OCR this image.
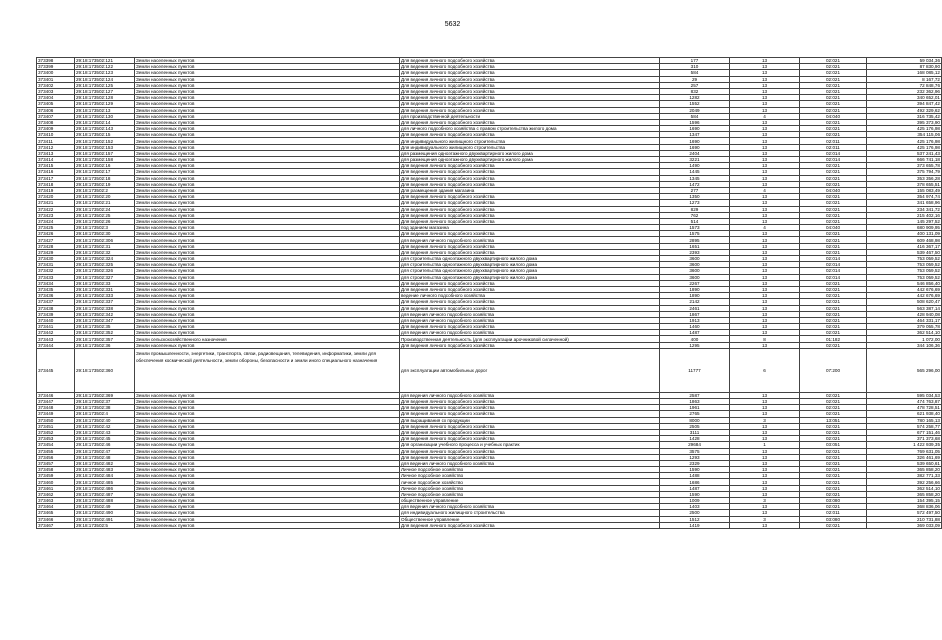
5632
373398	29:18:173502:121	Земли населенных пунктов	Для ведения личного подсобного хозяйства	177	13	02:021	59 034,36
373399	29:18:173502:122	Земли населенных пунктов	Для ведения личного подсобного хозяйства	310	13	02:021	87 830,90
373400	29:18:173502:123	Земли населенных пунктов	Для ведения личного подсобного хозяйства	584	13	02:021	168 085,12
373401	29:18:173502:124	Земли населенных пунктов	Для ведения личного подсобного хозяйства	29	13	02:021	8 167,72
373402	29:18:173502:125	Земли населенных пунктов	Для ведения личного подсобного хозяйства	257	13	02:021	72 848,76
373403	29:18:173502:127	Земли населенных пунктов	Для ведения личного подсобного хозяйства	832	13	02:021	232 362,96
373404	29:18:173502:128	Земли населенных пунктов	Для ведения личного подсобного хозяйства	1282	13	02:021	340 652,01
373405	29:18:173502:129	Земли населенных пунктов	Для ведения личного подсобного хозяйства	1552	13	02:021	394 847,42
373406	29:18:173502:13	Земли населенных пунктов	Для ведения личного подсобного хозяйства	2049	13	02:021	492 329,62
373407	29:18:173502:130	Земли населенных пунктов	для производственной деятельности	584	4	04:040	316 735,42
373408	29:18:173502:14	Земли населенных пунктов	Для ведения личного подсобного хозяйства	1596	13	02:021	395 373,90
373409	29:18:173502:143	Земли населенных пунктов	для личного подсобного хозяйства с правом строительства жилого дома	1690	13	02:021	425 176,98
373410	29:18:173502:15	Земли населенных пунктов	Для ведения личного подсобного хозяйства	1347	13	02:021	354 115,06
373411	29:18:173502:152	Земли населенных пунктов	Для индивидуального жилищного строительства	1690	13	02:011	425 176,98
373412	29:18:173502:153	Земли населенных пунктов	Для индивидуального жилищного строительства	1690	13	02:011	425 176,98
373413	29:18:173502:157	Земли населенных пунктов	для размещения одноэтажного двухквартирного жилого дома	2404	13	02:014	537 241,43
373414	29:18:173502:158	Земли населенных пунктов	для размещения одноэтажного двухквартирного жилого дома	3221	13	02:014	666 741,18
373415	29:18:173502:16	Земли населенных пунктов	Для ведения личного подсобного хозяйства	1490	13	02:021	373 655,78
373416	29:18:173502:17	Земли населенных пунктов	Для ведения личного подсобного хозяйства	1445	13	02:021	375 794,79
373417	29:18:173502:18	Земли населенных пунктов	Для ведения личного подсобного хозяйства	1345	13	02:021	353 356,28
373418	29:18:173502:19	Земли населенных пунктов	Для ведения личного подсобного хозяйства	1472	13	02:021	378 655,51
373419	29:18:173502:2	Земли населенных пунктов	Для размещения здания магазина	277	4	04:040	155 083,49
373420	29:18:173502:20	Земли населенных пунктов	Для ведения личного подсобного хозяйства	1350	13	02:021	354 974,74
373421	29:18:173502:21	Земли населенных пунктов	Для ведения личного подсобного хозяйства	1273	13	02:021	341 658,96
373422	29:18:173502:24	Земли населенных пунктов	Для ведения личного подсобного хозяйства	829	13	02:021	234 341,72
373423	29:18:173502:25	Земли населенных пунктов	Для ведения личного подсобного хозяйства	762	13	02:021	215 402,16
373424	29:18:173502:26	Земли населенных пунктов	Для ведения личного подсобного хозяйства	514	13	02:021	145 297,52
373425	29:18:173502:3	Земли населенных пунктов	под зданием магазина	1573	4	04:040	680 909,95
373426	29:18:173502:30	Земли населенных пунктов	Для ведения личного подсобного хозяйства	1575	13	02:021	400 131,09
373427	29:18:173502:306	Земли населенных пунктов	для ведения личного подсобного хозяйства	2895	13	02:021	609 468,98
373428	29:18:173502:31	Земли населенных пунктов	Для ведения личного подсобного хозяйства	1651	13	02:021	416 367,17
373429	29:18:173502:32	Земли населенных пунктов	Для ведения личного подсобного хозяйства	2393	13	02:021	539 467,50
373430	29:18:173502:324	Земли населенных пунктов	для строительства одноэтажного двухквартирного жилого дома	3600	13	02:014	753 059,52
373431	29:18:173502:325	Земли населенных пунктов	для строительства одноэтажного двухквартирного жилого дома	3600	13	02:014	753 059,52
373432	29:18:173502:326	Земли населенных пунктов	для строительства одноэтажного двухквартирного жилого дома	3600	13	02:014	753 059,52
373433	29:18:173502:327	Земли населенных пунктов	для строительства одноэтажного двухквартирного жилого дома	3600	13	02:014	753 059,52
373434	29:18:173502:33	Земли населенных пунктов	Для ведения личного подсобного хозяйства	2267	13	02:021	546 856,40
373435	29:18:173502:331	Земли населенных пунктов	Для ведения личного подсобного хозяйства	1890	13	02:021	442 676,69
373436	29:18:173502:333	Земли населенных пунктов	ведение личного подсобного хозяйства	1890	13	02:021	442 676,69
373437	29:18:173502:337	Земли населенных пунктов	Для ведения личного подсобного хозяйства	2142	13	02:021	508 620,47
373438	29:18:173502:338	Земли населенных пунктов	Для ведения личного подсобного хозяйства	2461	13	02:021	563 387,14
373439	29:18:173502:342	Земли населенных пунктов	для ведения личного подсобного хозяйства	1867	13	02:021	428 940,08
373440	29:18:173502:347	Земли населенных пунктов	для ведения личного подсобного хозяйства	1913	13	02:021	464 331,17
373441	29:18:173502:35	Земли населенных пунктов	Для ведения личного подсобного хозяйства	1460	13	02:021	379 055,78
373442	29:18:173502:352	Земли населенных пунктов	для ведения личного подсобного хозяйства	1487	13	02:021	362 514,10
373443	29:18:173502:357	Земли сельскохозяйственного назначения	Производственная деятельность (для эксплуатации арочниковой силаченной)	400	8	01:182	1 072,00
373444	29:18:173502:36	Земли населенных пунктов	Для ведения личного подсобного хозяйства	1295	13	02:021	344 106,36
373445	29:18:173502:360	Земли промышленности, энергетики, транспорта, связи, радиовещания, телевидения, информатики, земли для обеспечения космической деятельности, земли обороны, безопасности и земли иного специального назначения	для эксплуатации автомобильных дорог	11777	6	07:200	565 296,00
373446	29:18:173502:369	Земли населенных пунктов	для ведения личного подсобного хозяйства	2587	13	02:021	595 034,53
373447	29:18:173502:37	Земли населенных пунктов	Для ведения личного подсобного хозяйства	1863	13	02:021	474 763,87
373448	29:18:173502:38	Земли населенных пунктов	Для ведения личного подсобного хозяйства	1961	13	02:021	478 728,51
373449	29:18:173502:4	Земли населенных пунктов	Для ведения личного подсобного хозяйства	2765	13	02:021	621 938,40
373450	29:18:173502:40	Земли населенных пунктов	Для выращивания сх продукции	8000	3	13:051	780 165,13
373451	29:18:173502:42	Земли населенных пунктов	Для ведения личного подсобного хозяйства	2505	13	02:021	574 258,77
373452	29:18:173502:43	Земли населенных пунктов	Для ведения личного подсобного хозяйства	3111	13	02:021	677 151,46
373453	29:18:173502:45	Земли населенных пунктов	Для ведения личного подсобного хозяйства	1428	13	02:021	371 373,68
373454	29:18:173502:46	Земли населенных пунктов	Для организации учебного процесса и учебных практик	29684	1	03:051	1 422 939,35
373455	29:18:173502:47	Земли населенных пунктов	Для ведения личного подсобного хозяйства	3575	13	02:021	769 631,05
373456	29:18:173502:48	Земли населенных пунктов	Для ведения личного подсобного хозяйства	1293	13	02:021	326 461,69
373457	29:18:173502:482	Земли населенных пунктов	для ведения личного подсобного хозяйства	2329	13	02:021	539 650,61
373458	29:18:173502:483	Земли населенных пунктов	Личное подсобное хозяйство	1590	13	02:021	365 858,20
373459	29:18:173502:484	Земли населенных пунктов	Личное подсобное хозяйство	1488	13	02:021	382 771,33
373460	29:18:173502:485	Земли населенных пунктов	личное подсобное хозяйство	1686	13	02:021	392 256,66
373461	29:18:173502:486	Земли населенных пунктов	Личное подсобное хозяйство	1487	13	02:021	362 514,10
373462	29:18:173502:487	Земли населенных пунктов	Личное подсобное хозяйство	1590	13	02:021	365 858,20
373463	29:18:173502:488	Земли населенных пунктов	общественное управление	1009	3	03:080	154 395,15
373464	29:18:173502:49	Земли населенных пунктов	для ведения личного подсобного хозяйства	1403	13	02:021	368 836,06
373465	29:18:173502:490	Земли населенных пунктов	для индивидуального жилищного строительства	2500	13	02:011	572 497,50
373466	29:18:173502:491	Земли населенных пунктов	Общественное управление	1512	3	03:080	210 731,88
373467	29:18:173502:5	Земли населенных пунктов	Для ведения личного подсобного хозяйства	1419	13	02:021	369 033,09
